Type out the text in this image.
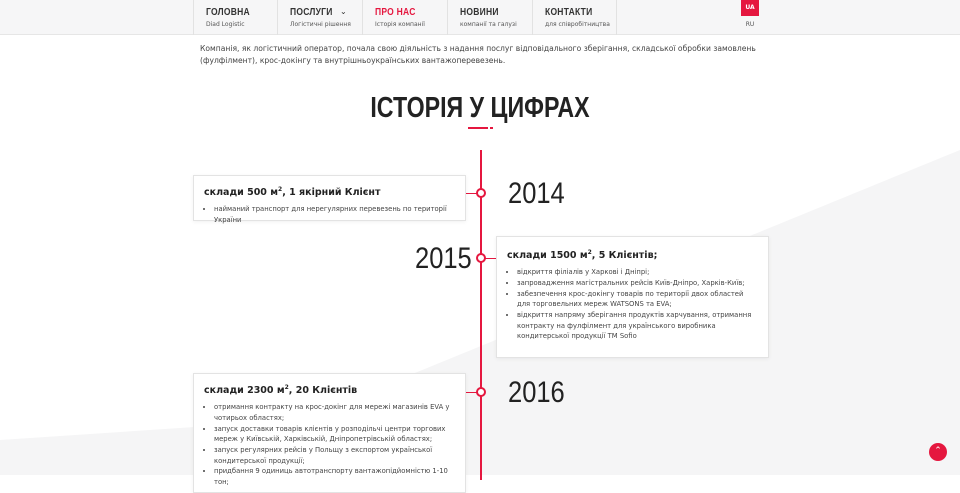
ГОЛОВНА
Diad Logistic
ПОСЛУГИ
Логістичні рішення
⌄	ПРО НАС
Історія компанії
НОВИНИ
компанії та галузі
КОНТАКТИ
для співробітництва
UA
RU

Компанія, як логістичний оператор, почала свою діяльність з надання послуг відповідального зберігання, складської обробки замовлень (фулфілмент), крос-докінгу та внутрішньоукраїнських вантажоперевезень.

ІСТОРІЯ У ЦИФРАХ
2014
склади 500 $м^2$, 1 якірний Клієнт
• найманий транспорт для нерегулярних перевезень по території України
2015	склади 1500 $м^2$, 5 Клієнтів;
• відкриття філіалів у Харкові і Дніпрі;
• запровадження магістральних рейсів Київ-Дніпро, Харків-Київ;
• забезпечення крос-докінгу товарів по території двох областей для торговельних мереж WATSONS та EVA;
• відкриття напряму зберігання продуктів харчування, отримання контракту на фулфілмент для українського виробника кондитерської продукції ТМ Sofio
2016
склади 2300 $м^2$, 20 Клієнтів
• отримання контракту на крос-докінг для мережі магазинів EVA у чотирьох областях;
• запуск доставки товарів клієнтів у розподільчі центри торгових мереж у Київській, Харківській, Дніпропетрівській областях;
• запуск регулярних рейсів у Польщу з експортом української кондитерської продукції;
• придбання 9 одиниць автотранспорту вантажопідйомністю 1-10 тон;
⌃
